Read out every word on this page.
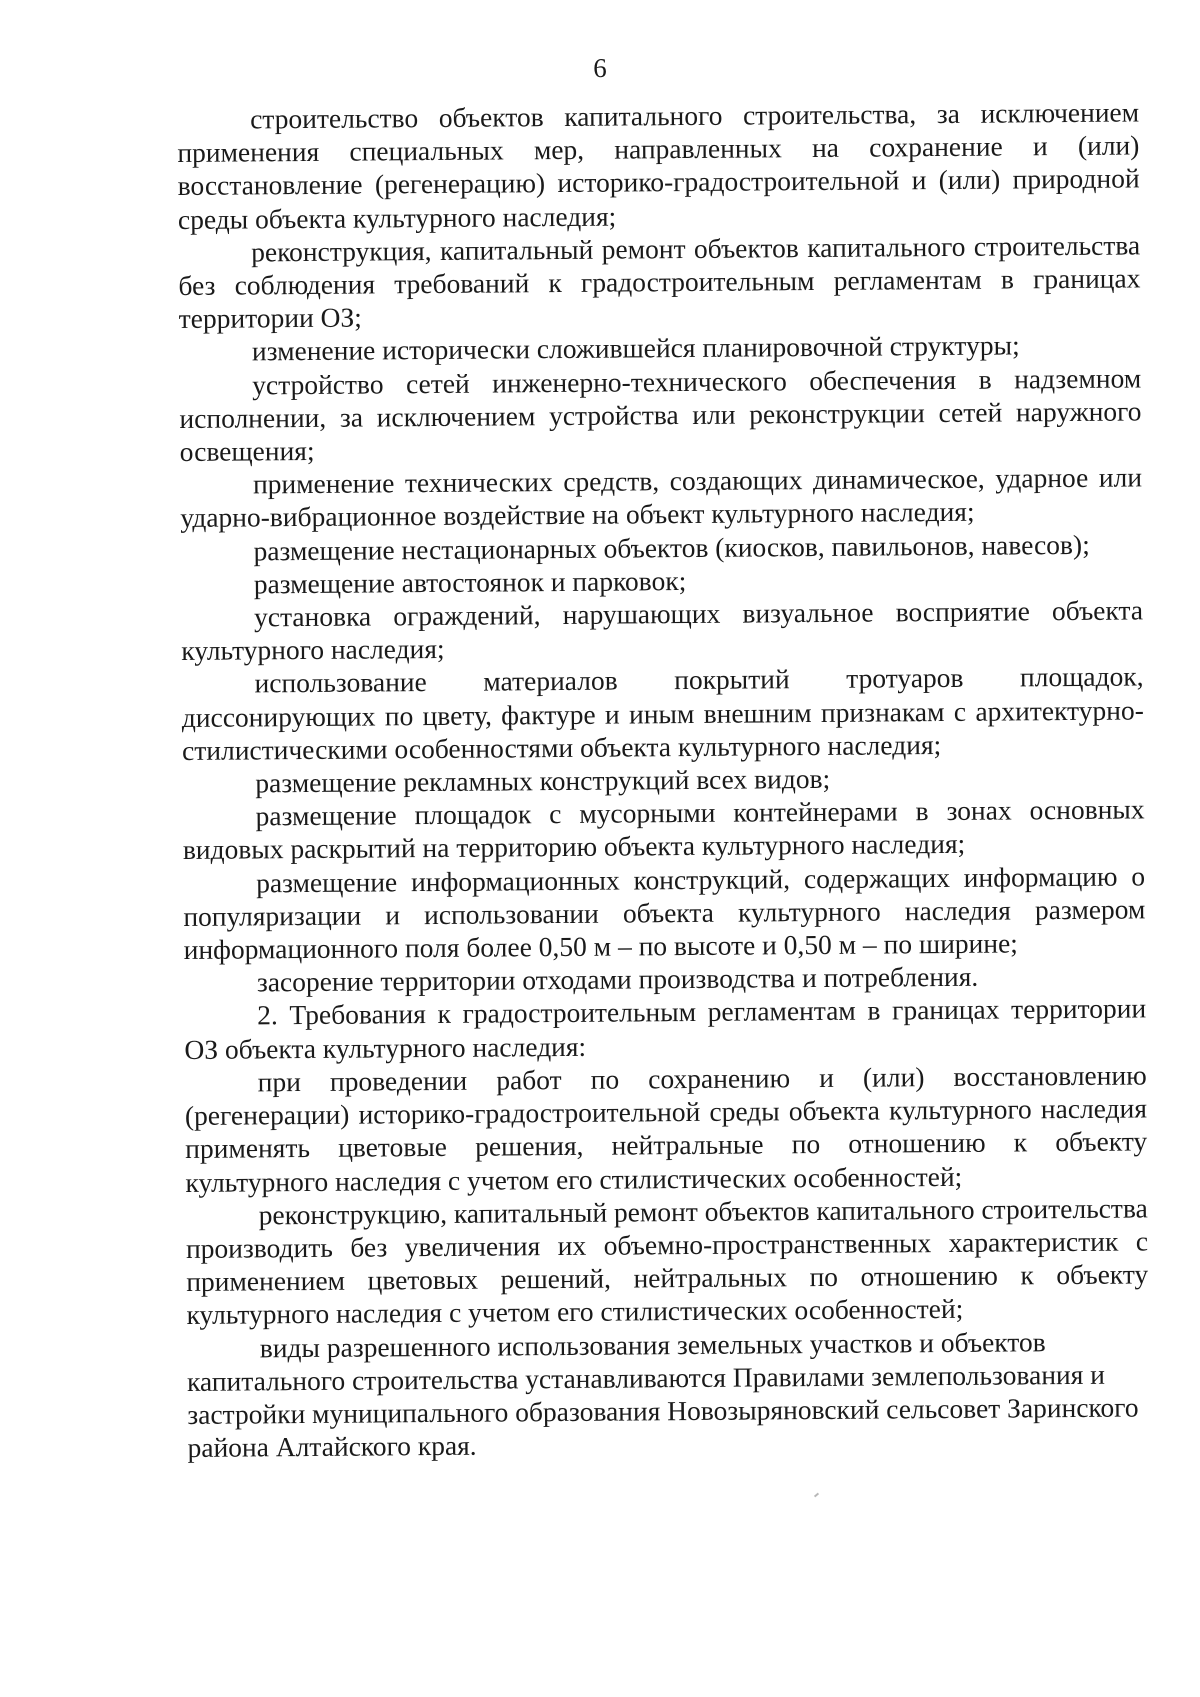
6

строительство объектов капитального строительства, за исключением применения специальных мер, направленных на сохранение и (или) восстановление (регенерацию) историко-градостроительной и (или) природной среды объекта культурного наследия;

реконструкция, капитальный ремонт объектов капитального строительства без соблюдения требований к градостроительным регламентам в границах территории ОЗ;

изменение исторически сложившейся планировочной структуры;

устройство сетей инженерно-технического обеспечения в надземном исполнении, за исключением устройства или реконструкции сетей наружного освещения;

применение технических средств, создающих динамическое, ударное или ударно-вибрационное воздействие на объект культурного наследия;

размещение нестационарных объектов (киосков, павильонов, навесов);

размещение автостоянок и парковок;

установка ограждений, нарушающих визуальное восприятие объекта культурного наследия;

использование материалов покрытий тротуаров площадок, диссонирующих по цвету, фактуре и иным внешним признакам с архитектурно-стилистическими особенностями объекта культурного наследия;

размещение рекламных конструкций всех видов;

размещение площадок с мусорными контейнерами в зонах основных видовых раскрытий на территорию объекта культурного наследия;

размещение информационных конструкций, содержащих информацию о популяризации и использовании объекта культурного наследия размером информационного поля более 0,50 м – по высоте и 0,50 м – по ширине;

засорение территории отходами производства и потребления.

2. Требования к градостроительным регламентам в границах территории ОЗ объекта культурного наследия:

при проведении работ по сохранению и (или) восстановлению (регенерации) историко-градостроительной среды объекта культурного наследия применять цветовые решения, нейтральные по отношению к объекту культурного наследия с учетом его стилистических особенностей;

реконструкцию, капитальный ремонт объектов капитального строительства производить без увеличения их объемно-пространственных характеристик с применением цветовых решений, нейтральных по отношению к объекту культурного наследия с учетом его стилистических особенностей;

виды разрешенного использования земельных участков и объектов капитального строительства устанавливаются Правилами землепользования и застройки муниципального образования Новозыряновский сельсовет Заринского района Алтайского края.
